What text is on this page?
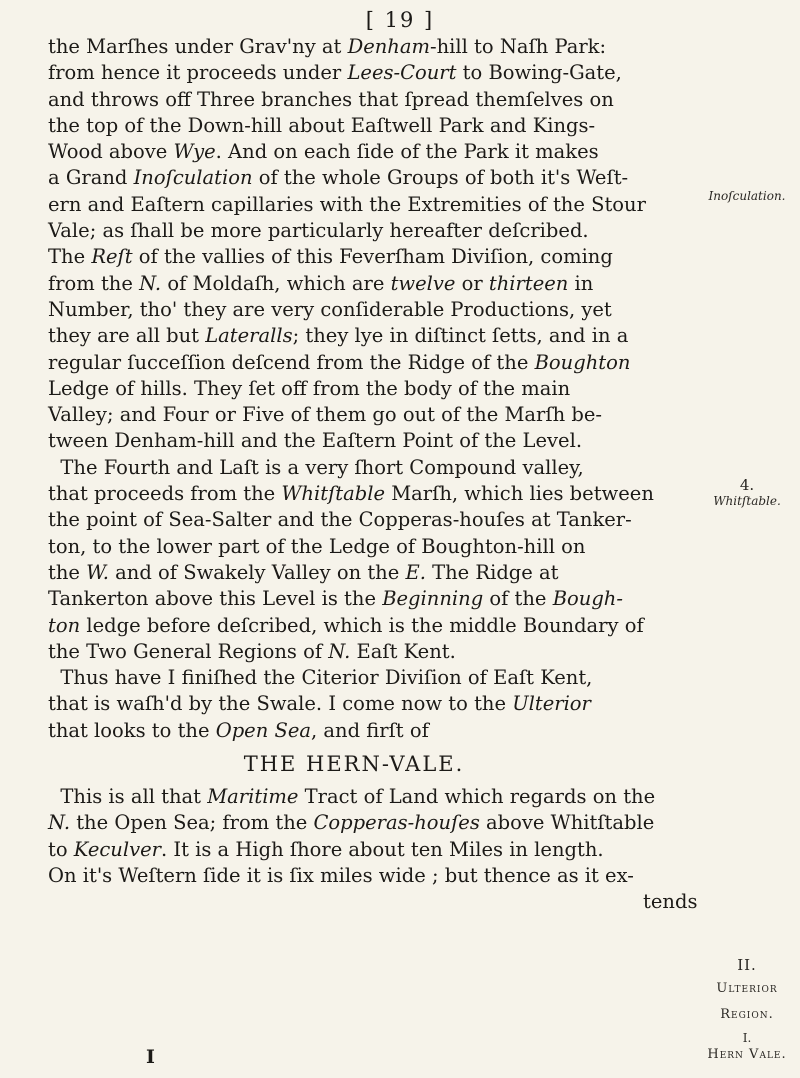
[ 19 ]
the Marſhes under Grav'ny at Denham-hill to Naſh Park:
from hence it proceeds under Lees-Court to Bowing-Gate,
and throws off Three branches that ſpread themſelves on
the top of the Down-hill about Eaſtwell Park and Kings-
Wood above Wye. And on each ſide of the Park it makes
a Grand Inoſculation of the whole Groups of both it's Weſt-
ern and Eaſtern capillaries with the Extremities of the Stour
Vale; as ſhall be more particularly hereafter deſcribed.
The Reſt of the vallies of this Feverſham Diviſion, coming
from the N. of Moldaſh, which are twelve or thirteen in
Number, tho' they are very conſiderable Productions, yet
they are all but Lateralls; they lye in diſtinct ſetts, and in a
regular ſucceſſion deſcend from the Ridge of the Boughton
Ledge of hills. They ſet off from the body of the main
Valley; and Four or Five of them go out of the Marſh be-
tween Denham-hill and the Eaſtern Point of the Level.
The Fourth and Laſt is a very ſhort Compound valley,
that proceeds from the Whitſtable Marſh, which lies between
the point of Sea-Salter and the Copperas-houſes at Tanker-
ton, to the lower part of the Ledge of Boughton-hill on
the W. and of Swakely Valley on the E. The Ridge at
Tankerton above this Level is the Beginning of the Bough-
ton ledge before deſcribed, which is the middle Boundary of
the Two General Regions of N. Eaſt Kent.
Thus have I finiſhed the Citerior Diviſion of Eaſt Kent,
that is waſh'd by the Swale. I come now to the Ulterior
that looks to the Open Sea, and firſt of
THE HERN-VALE.
This is all that Maritime Tract of Land which regards on the
N. the Open Sea; from the Copperas-houſes above Whitſtable
to Keculver. It is a High ſhore about ten Miles in length.
On it's Weſtern ſide it is ſix miles wide ; but thence as it ex-
tends
Inoſculation.
4.
Whitſtable.
II.
Ulterior
Region.
I.
Hern Vale.
I
